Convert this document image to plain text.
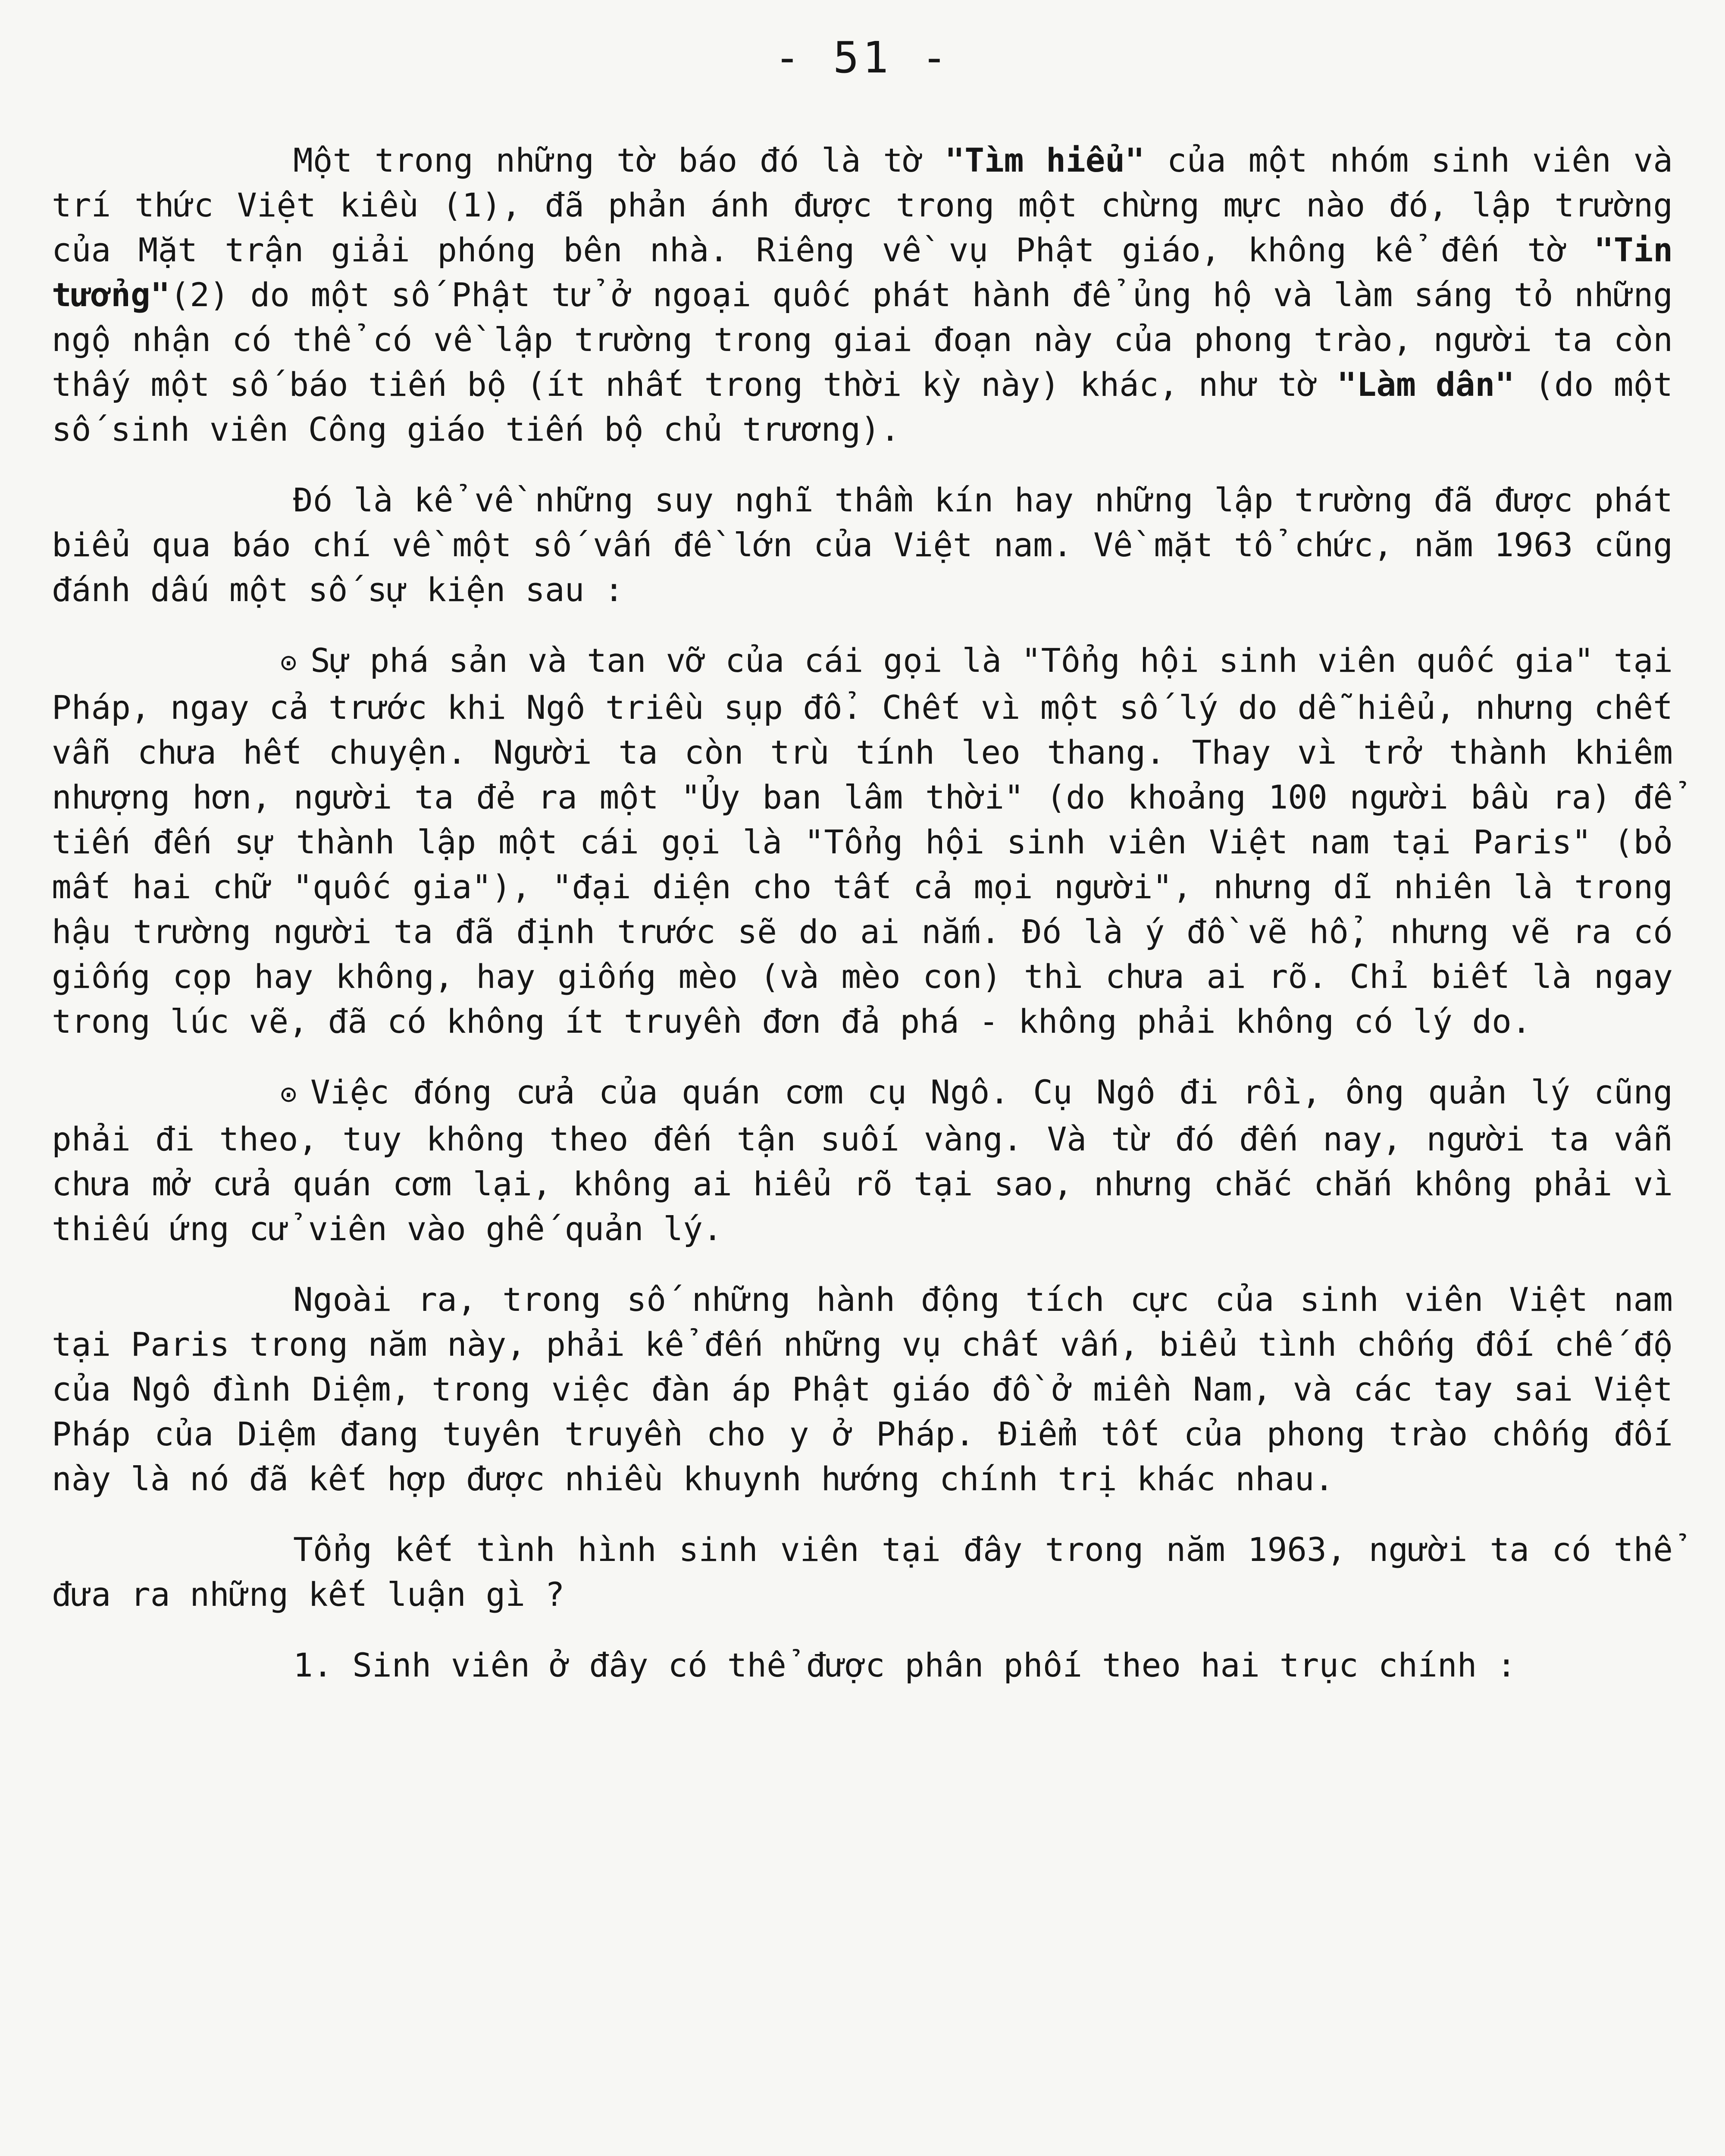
- 51 -

Một trong những tờ báo đó là tờ "Tìm hiểu" của một nhóm sinh viên và trí thức Việt kiều (1), đã phản ánh được trong một chừng mực nào đó, lập trường của Mặt trận giải phóng bên nhà. Riêng về vụ Phật giáo, không kể đến tờ "Tin tưởng"(2) do một số Phật tử ở ngoại quốc phát hành để ủng hộ và làm sáng tỏ những ngộ nhận có thể có về lập trường trong giai đoạn này của phong trào, người ta còn thấy một số báo tiến bộ (ít nhất trong thời kỳ này) khác, như tờ "Làm dân" (do một số sinh viên Công giáo tiến bộ chủ trương).

Đó là kể về những suy nghĩ thầm kín hay những lập trường đã được phát biểu qua báo chí về một số vấn đề lớn của Việt nam. Về mặt tổ chức, năm 1963 cũng đánh dấu một số sự kiện sau :

⊙ Sự phá sản và tan vỡ của cái gọi là "Tổng hội sinh viên quốc gia" tại Pháp, ngay cả trước khi Ngô triều sụp đổ. Chết vì một số lý do dễ hiểu, nhưng chết vẫn chưa hết chuyện. Người ta còn trù tính leo thang. Thay vì trở thành khiêm nhượng hơn, người ta đẻ ra một "Ủy ban lâm thời" (do khoảng 100 người bầu ra) để tiến đến sự thành lập một cái gọi là "Tổng hội sinh viên Việt nam tại Paris" (bỏ mất hai chữ "quốc gia"), "đại diện cho tất cả mọi người", nhưng dĩ nhiên là trong hậu trường người ta đã định trước sẽ do ai nắm. Đó là ý đồ vẽ hổ, nhưng vẽ ra có giống cọp hay không, hay giống mèo (và mèo con) thì chưa ai rõ. Chỉ biết là ngay trong lúc vẽ, đã có không ít truyền đơn đả phá - không phải không có lý do.

⊙ Việc đóng cửa của quán cơm cụ Ngô. Cụ Ngô đi rồi, ông quản lý cũng phải đi theo, tuy không theo đến tận suối vàng. Và từ đó đến nay, người ta vẫn chưa mở cửa quán cơm lại, không ai hiểu rõ tại sao, nhưng chắc chắn không phải vì thiếu ứng cử viên vào ghế quản lý.

Ngoài ra, trong số những hành động tích cực của sinh viên Việt nam tại Paris trong năm này, phải kể đến những vụ chất vấn, biểu tình chống đối chế độ của Ngô đình Diệm, trong việc đàn áp Phật giáo đồ ở miền Nam, và các tay sai Việt Pháp của Diệm đang tuyên truyền cho y ở Pháp. Điểm tốt của phong trào chống đối này là nó đã kết hợp được nhiều khuynh hướng chính trị khác nhau.

Tổng kết tình hình sinh viên tại đây trong năm 1963, người ta có thể đưa ra những kết luận gì ?

1. Sinh viên ở đây có thể được phân phối theo hai trục chính :
